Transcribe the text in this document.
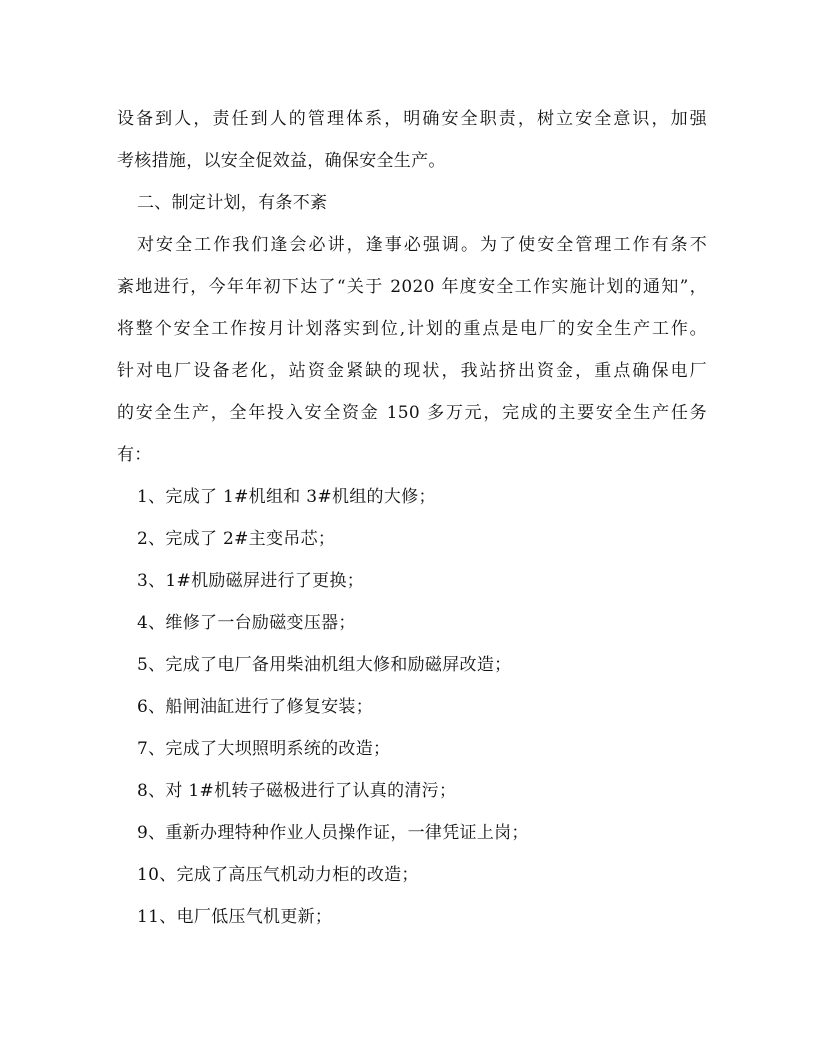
设备到人，责任到人的管理体系，明确安全职责，树立安全意识，加强
考核措施，以安全促效益，确保安全生产。
二、制定计划，有条不紊
对安全工作我们逢会必讲，逢事必强调。为了使安全管理工作有条不
紊地进行，今年年初下达了“关于 2020 年度安全工作实施计划的通知”，
将整个安全工作按月计划落实到位,计划的重点是电厂的安全生产工作。
针对电厂设备老化，站资金紧缺的现状，我站挤出资金，重点确保电厂
的安全生产，全年投入安全资金 150 多万元，完成的主要安全生产任务
有：
1、完成了 1#机组和 3#机组的大修；
2、完成了 2#主变吊芯；
3、1#机励磁屏进行了更换；
4、维修了一台励磁变压器；
5、完成了电厂备用柴油机组大修和励磁屏改造；
6、船闸油缸进行了修复安装；
7、完成了大坝照明系统的改造；
8、对 1#机转子磁极进行了认真的清污；
9、重新办理特种作业人员操作证，一律凭证上岗；
10、完成了高压气机动力柜的改造；
11、电厂低压气机更新；
